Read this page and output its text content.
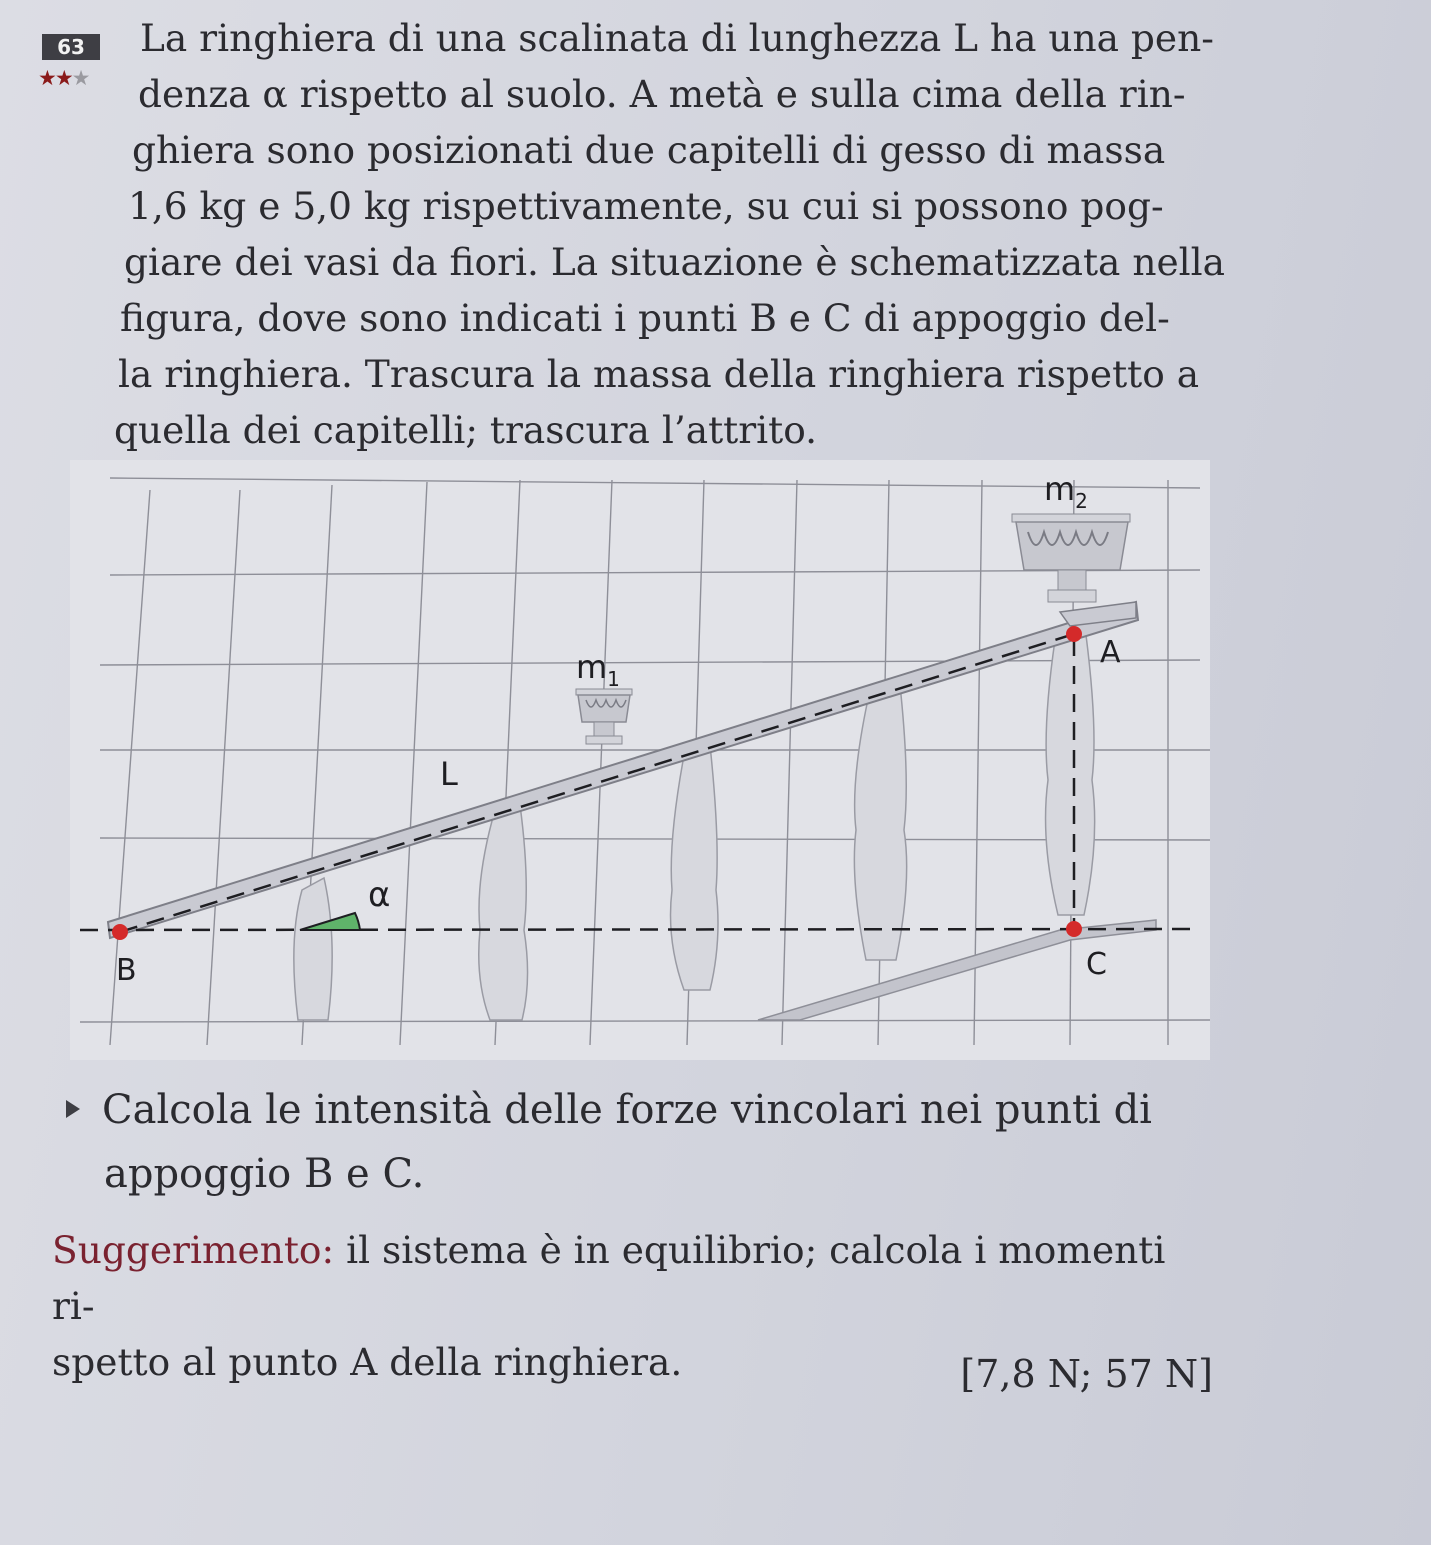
63
★★★

La ringhiera di una scalinata di lunghezza L ha una pen-
denza α rispetto al suolo. A metà e sulla cima della rin-
ghiera sono posizionati due capitelli di gesso di massa
1,6 kg e 5,0 kg rispettivamente, su cui si possono pog-
giare dei vasi da fiori. La situazione è schematizzata nella
figura, dove sono indicati i punti B e C di appoggio del-
la ringhiera. Trascura la massa della ringhiera rispetto a
quella dei capitelli; trascura l’attrito.

$m_2$
$m_1$
A
B	C
L
α
Calcola le intensità delle forze vincolari nei punti di
appoggio B e C.
Suggerimento: il sistema è in equilibrio; calcola i momenti ri-
spetto al punto A della ringhiera.	[7,8 N; 57 N]
